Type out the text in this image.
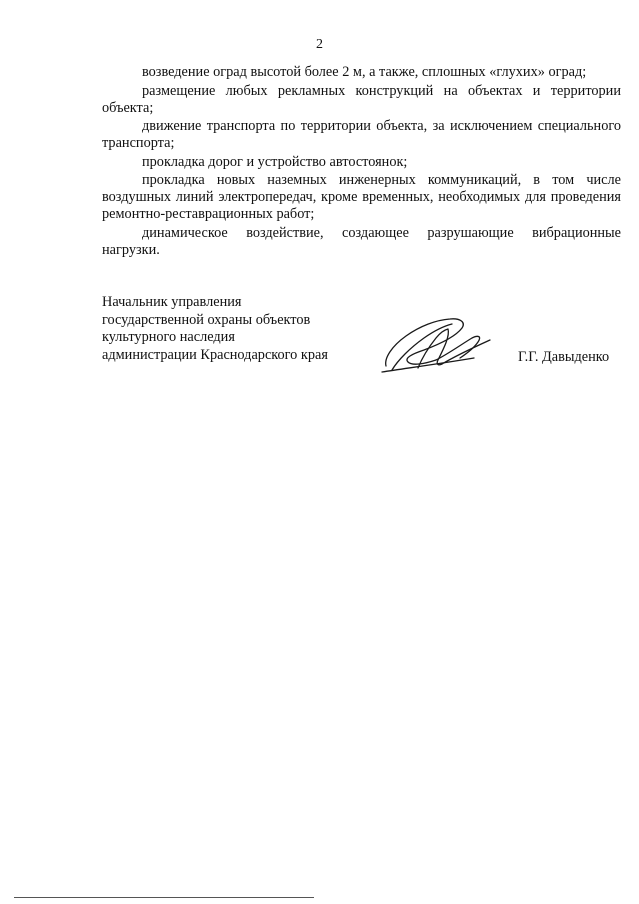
2

возведение оград высотой более 2 м, а также, сплошных «глухих» оград;

размещение любых рекламных конструкций на объектах и территории объекта;

движение транспорта по территории объекта, за исключением специального транспорта;

прокладка дорог и устройство автостоянок;

прокладка новых наземных инженерных коммуникаций, в том числе воздушных линий электропередач, кроме временных, необходимых для проведения ремонтно-реставрационных работ;

динамическое воздействие, создающее разрушающие вибрационные нагрузки.

Начальник управления
государственной охраны объектов
культурного наследия
администрации Краснодарского края	Г.Г. Давыденко
